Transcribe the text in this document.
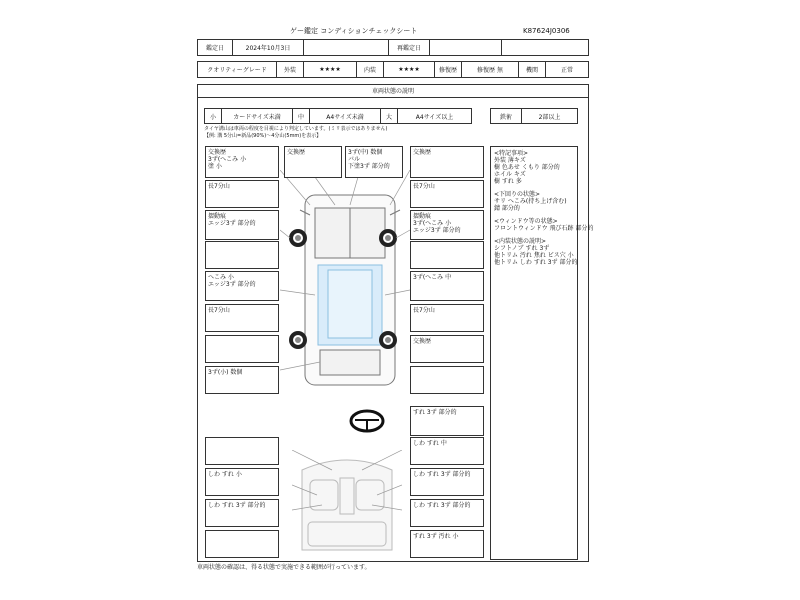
ゲー鑑定 コンディションチェックシート	K87624J0306
鑑定日	2024年10月3日	再鑑定日
クオリティーグレード	外装	★★★★	内装	★★★★	修復歴	修復歴 無	機関	正常
車両状態の説明
小	カードサイズ未満	中	A4サイズ未満	大	A4サイズ以上	鉄術	2部以上
タイヤ溝山は車両の程度を目視により判定しています。(ミリ表示ではありません)
【例: 溝 5分山=新品(90%)〜4分山(5mm)を表示】
交換歴
3ず(へこみ 小
塗 小
長7分山
摺動痕
エッジ3ず 部分的
へこみ 小
エッジ3ず 部分的
長7分山
3ず(小) 数個
交換歴	3ず(中) 数個
バル
下塗3ず 部分的
交換歴
長7分山
摺動痕
3ず(へこみ 小
エッジ3ず 部分的
3ず(へこみ 中
長7分山
交換歴
すれ 3ず 部分的
しわ すれ 中
しわ すれ 小	しわ すれ 3ず 部分的
しわ すれ 3ず 部分的	しわ すれ 3ず 部分的
すれ 3ず 汚れ 小
<特記事項>
外装 薄キズ
樹 色あせ くもり 部分的
ホイル キズ
樹 すれ 多
<下回りの状態>
サリ へこみ(持ち上げ含む)
錆 部分的
<ウィンドウ等の状態>
フロントウィンドウ 飛び石跡 部分的
<内装状態の説明>
シフトノブ すれ 3ず
他トリム 汚れ 焦れ ビス穴 小
他トリム しわ すれ 3ず 部分的
車両状態の確認は、得る状態で実施できる範囲が行っています。
